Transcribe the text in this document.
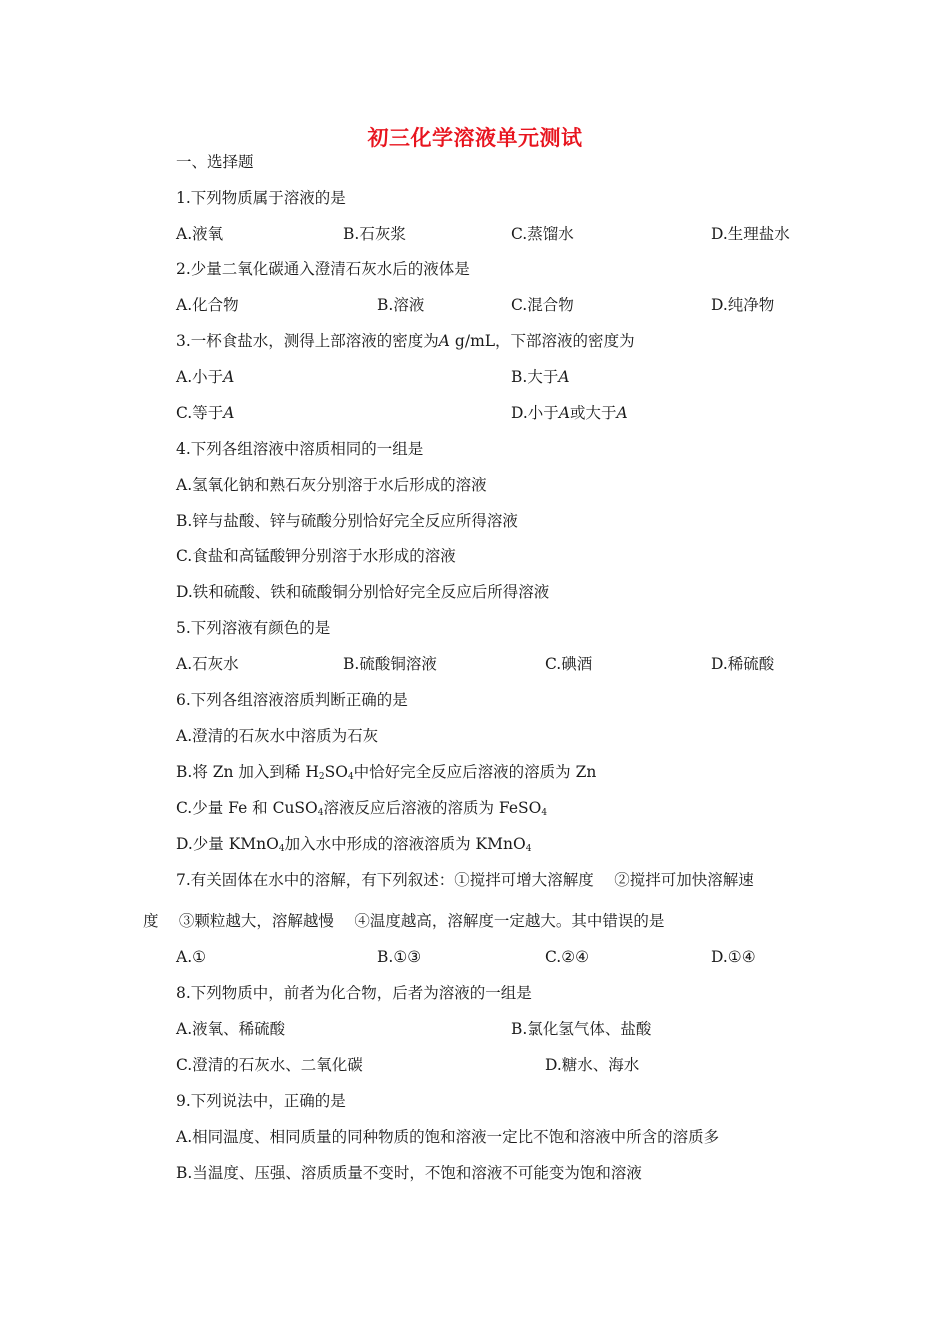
初三化学溶液单元测试
一、选择题
1.下列物质属于溶液的是
A.液氧	B.石灰浆	C.蒸馏水	D.生理盐水
2.少量二氧化碳通入澄清石灰水后的液体是
A.化合物	B.溶液	C.混合物	D.纯净物
3.一杯食盐水，测得上部溶液的密度为A g/mL，下部溶液的密度为
A.小于A	B.大于A
C.等于A	D.小于A或大于A
4.下列各组溶液中溶质相同的一组是
A.氢氧化钠和熟石灰分别溶于水后形成的溶液
B.锌与盐酸、锌与硫酸分别恰好完全反应所得溶液
C.食盐和高锰酸钾分别溶于水形成的溶液
D.铁和硫酸、铁和硫酸铜分别恰好完全反应后所得溶液
5.下列溶液有颜色的是
A.石灰水	B.硫酸铜溶液	C.碘酒	D.稀硫酸
6.下列各组溶液溶质判断正确的是
A.澄清的石灰水中溶质为石灰
B.将 Zn 加入到稀 $H_2SO_4$中恰好完全反应后溶液的溶质为 Zn
C.少量 Fe 和 CuSO$_4$溶液反应后溶液的溶质为 FeSO$_4$
D.少量 KMnO$_4$加入水中形成的溶液溶质为 KMnO$_4$
7.有关固体在水中的溶解，有下列叙述：①搅拌可增大溶解度　 ②搅拌可加快溶解速
度　 ③颗粒越大，溶解越慢　 ④温度越高，溶解度一定越大。其中错误的是
A.①	B.①③	C.②④	D.①④
8.下列物质中，前者为化合物，后者为溶液的一组是
A.液氧、稀硫酸	B.氯化氢气体、盐酸
C.澄清的石灰水、二氧化碳	D.糖水、海水
9.下列说法中，正确的是
A.相同温度、相同质量的同种物质的饱和溶液一定比不饱和溶液中所含的溶质多
B.当温度、压强、溶质质量不变时，不饱和溶液不可能变为饱和溶液
